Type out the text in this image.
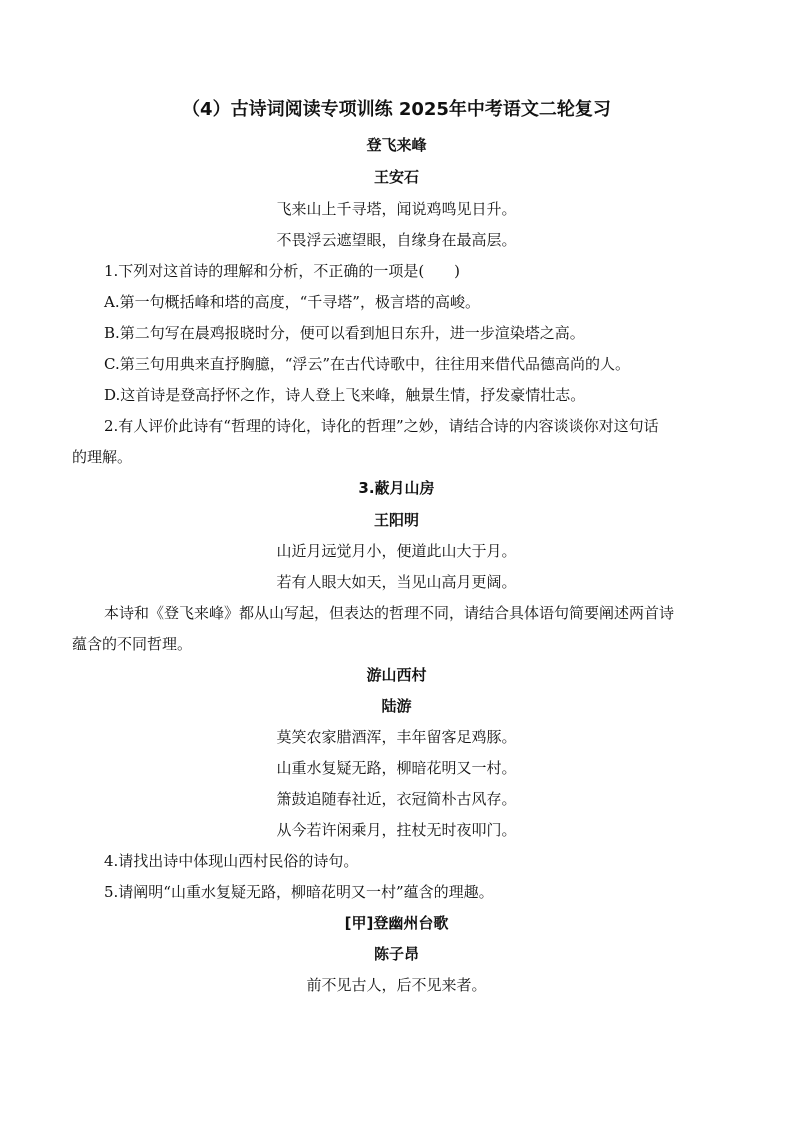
（4）古诗词阅读专项训练 2025年中考语文二轮复习
登飞来峰
王安石
飞来山上千寻塔，闻说鸡鸣见日升。
不畏浮云遮望眼，自缘身在最高层。
1.下列对这首诗的理解和分析，不正确的一项是(　　)
A.第一句概括峰和塔的高度，“千寻塔”，极言塔的高峻。
B.第二句写在晨鸡报晓时分，便可以看到旭日东升，进一步渲染塔之高。
C.第三句用典来直抒胸臆，“浮云”在古代诗歌中，往往用来借代品德高尚的人。
D.这首诗是登高抒怀之作，诗人登上飞来峰，触景生情，抒发豪情壮志。
2.有人评价此诗有“哲理的诗化，诗化的哲理”之妙，请结合诗的内容谈谈你对这句话
的理解。
3.蔽月山房
王阳明
山近月远觉月小，便道此山大于月。
若有人眼大如天，当见山高月更阔。
本诗和《登飞来峰》都从山写起，但表达的哲理不同，请结合具体语句简要阐述两首诗
蕴含的不同哲理。
游山西村
陆游
莫笑农家腊酒浑，丰年留客足鸡豚。
山重水复疑无路，柳暗花明又一村。
箫鼓追随春社近，衣冠简朴古风存。
从今若许闲乘月，拄杖无时夜叩门。
4.请找出诗中体现山西村民俗的诗句。
5.请阐明“山重水复疑无路，柳暗花明又一村”蕴含的理趣。
[甲]登幽州台歌
陈子昂
前不见古人，后不见来者。
